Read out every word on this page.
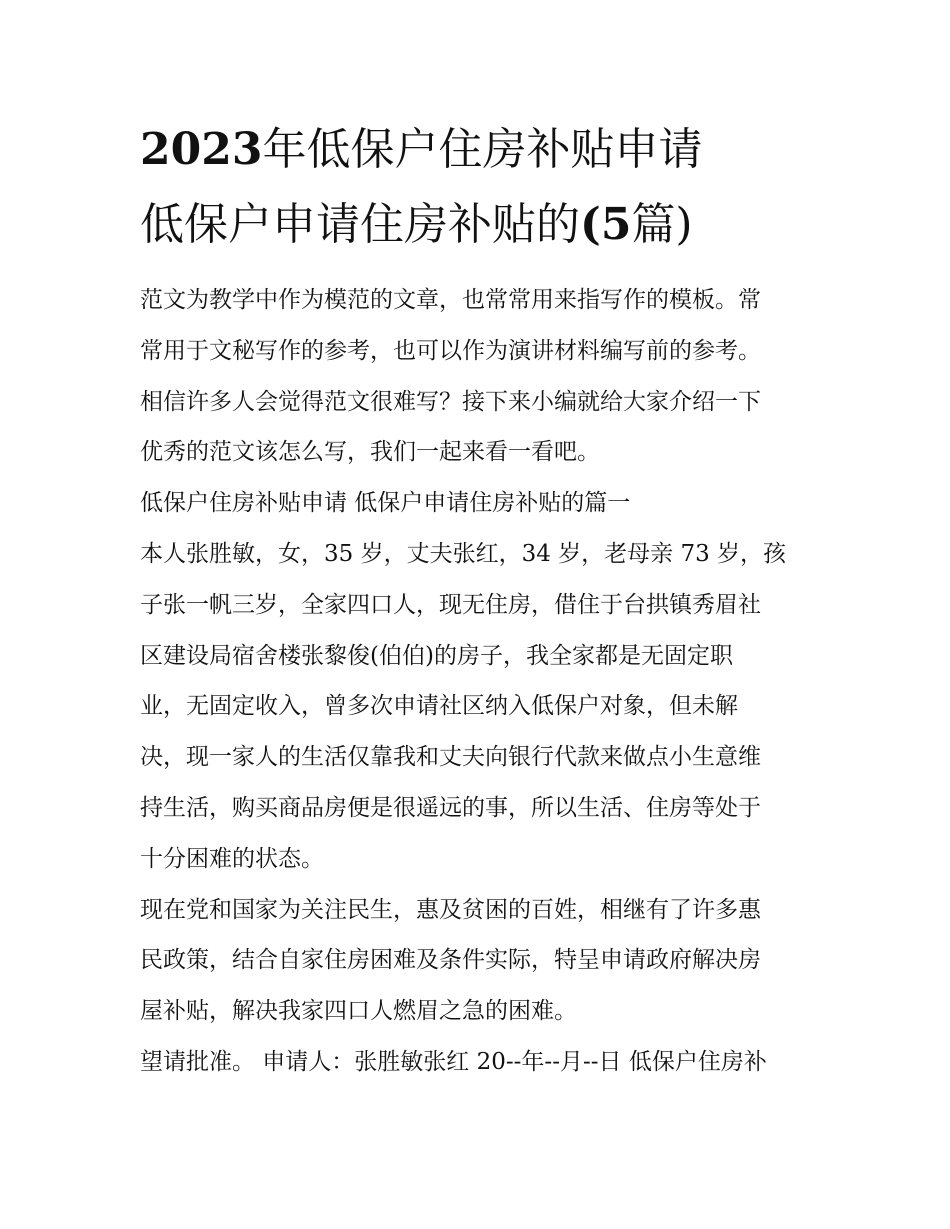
2023年低保户住房补贴申请
低保户申请住房补贴的(5篇)
范文为教学中作为模范的文章，也常常用来指写作的模板。常
常用于文秘写作的参考，也可以作为演讲材料编写前的参考。
相信许多人会觉得范文很难写？接下来小编就给大家介绍一下
优秀的范文该怎么写，我们一起来看一看吧。
低保户住房补贴申请 低保户申请住房补贴的篇一
本人张胜敏，女，35 岁，丈夫张红，34 岁，老母亲 73 岁，孩
子张一帆三岁，全家四口人，现无住房，借住于台拱镇秀眉社
区建设局宿舍楼张黎俊(伯伯)的房子，我全家都是无固定职
业，无固定收入，曾多次申请社区纳入低保户对象，但未解
决，现一家人的生活仅靠我和丈夫向银行代款来做点小生意维
持生活，购买商品房便是很遥远的事，所以生活、住房等处于
十分困难的状态。
现在党和国家为关注民生，惠及贫困的百姓，相继有了许多惠
民政策，结合自家住房困难及条件实际，特呈申请政府解决房
屋补贴，解决我家四口人燃眉之急的困难。
望请批准。 申请人：张胜敏张红 20--年--月--日 低保户住房补
